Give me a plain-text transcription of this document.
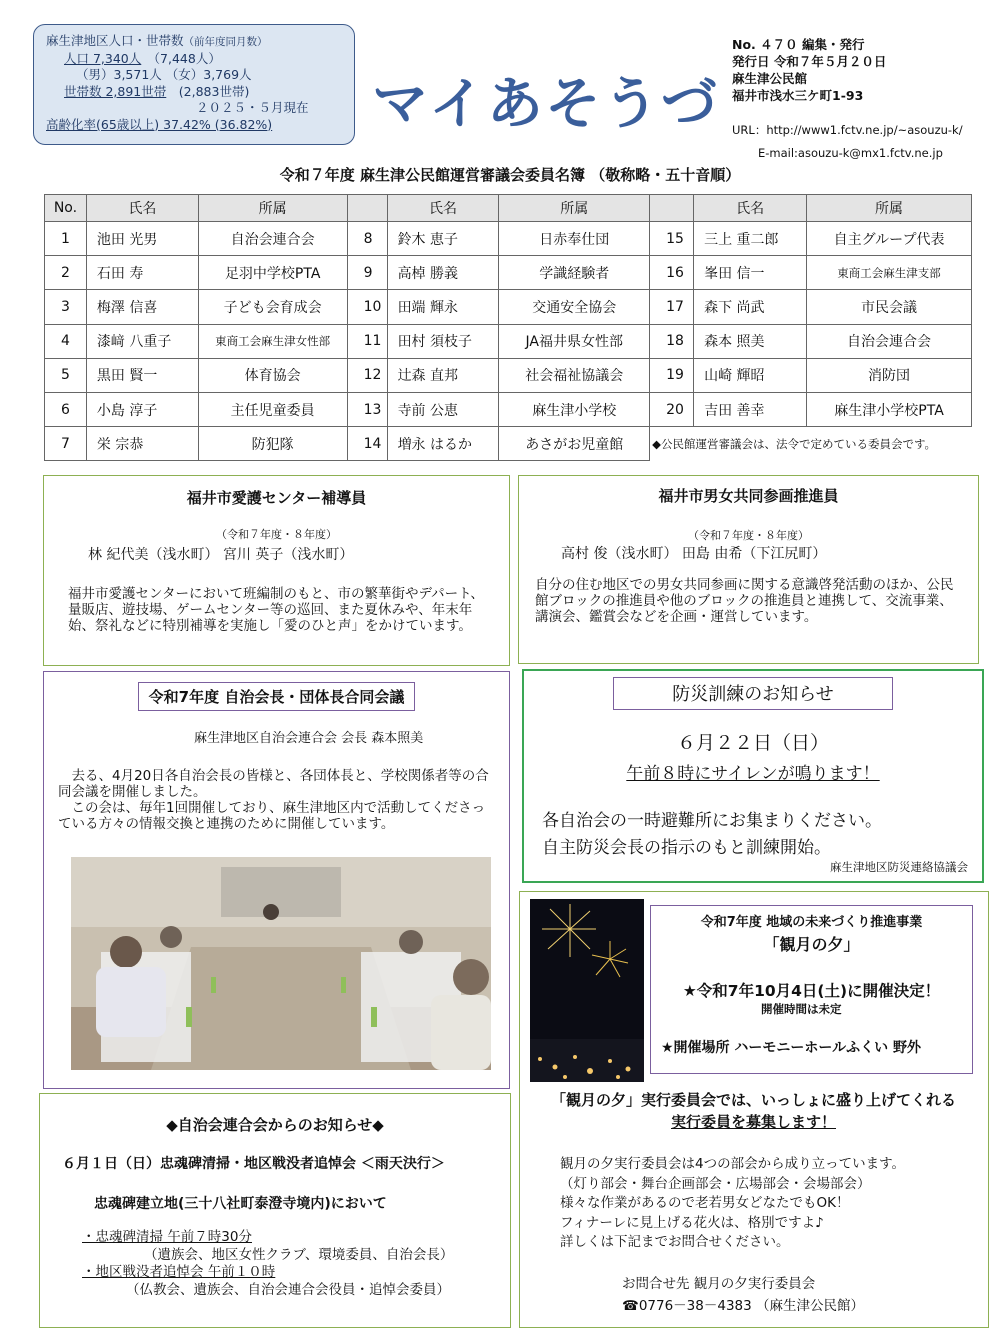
麻生津地区人口・世帯数（前年度同月数）
人口 7,340人　 （7,448人）
（男）3,571人 （女）3,769人
世帯数 2,891世帯　 (2,883世帯)
２０２５・５月現在
高齢化率(65歳以上) 37.42% (36.82%)	マイあそうづ
No. ４７０ 編集・発行
発行日 令和７年５月２０日
麻生津公民館
福井市浅水三ケ町1-93
URL：http://www1.fctv.ne.jp/~asouzu-k/
E-mail:asouzu-k@mx1.fctv.ne.jp
令和７年度 麻生津公民館運営審議会委員名簿 （敬称略・五十音順）
No.	氏名	所属		氏名	所属		氏名	所属
1	池田 光男	自治会連合会	8	鈴木 恵子	日赤奉仕団	15	三上 重二郎	自主グループ代表
2	石田 寿	足羽中学校PTA	9	高棹 勝義	学識経験者	16	峯田 信一	東商工会麻生津支部
3	梅澤 信喜	子ども会育成会	10	田端 輝永	交通安全協会	17	森下 尚武	市民会議
4	漆﨑 八重子	東商工会麻生津女性部	11	田村 須枝子	JA福井県女性部	18	森本 照美	自治会連合会
5	黒田 賢一	体育協会	12	辻森 直邦	社会福祉協議会	19	山崎 輝昭	消防団
6	小島 淳子	主任児童委員	13	寺前 公恵	麻生津小学校	20	吉田 善幸	麻生津小学校PTA
7	栄 宗恭	防犯隊	14	増永 はるか	あさがお児童館	◆公民館運営審議会は、法令で定めている委員会です。		
福井市愛護センター補導員
（令和７年度・８年度）
林 紀代美（浅水町） 宮川 英子（浅水町）
福井市愛護センターにおいて班編制のもと、市の繁華街やデパート、量販店、遊技場、ゲームセンター等の巡回、また夏休みや、年末年始、祭礼などに特別補導を実施し「愛のひと声」をかけています。
福井市男女共同参画推進員
（令和７年度・８年度）
高村 俊（浅水町） 田島 由希（下江尻町）
自分の住む地区での男女共同参画に関する意識啓発活動のほか、公民館ブロックの推進員や他のブロックの推進員と連携して、交流事業、講演会、鑑賞会などを企画・運営しています。
令和7年度 自治会長・団体長合同会議
麻生津地区自治会連合会 会長 森本照美
去る、4月20日各自治会長の皆様と、各団体長と、学校関係者等の合同会議を開催しました。
この会は、毎年1回開催しており、麻生津地区内で活動してくださっている方々の情報交換と連携のために開催しています。
防災訓練のお知らせ
６月２２日（日）
午前８時にサイレンが鳴ります！
各自治会の一時避難所にお集まりください。
自主防災会長の指示のもと訓練開始。
麻生津地区防災連絡協議会
令和7年度 地域の未来づくり推進事業
「観月の夕」
★令和7年10月4日(土)に開催決定！
開催時間は未定
★開催場所 ハーモニーホールふくい 野外
「観月の夕」実行委員会では、いっしょに盛り上げてくれる
実行委員を募集します！
観月の夕実行委員会は4つの部会から成り立っています。
（灯り部会・舞台企画部会・広場部会・会場部会）
様々な作業があるので老若男女どなたでもOK！
フィナーレに見上げる花火は、格別ですよ♪
詳しくは下記までお問合せください。
お問合せ先 観月の夕実行委員会
☎0776－38－4383 （麻生津公民館）
◆自治会連合会からのお知らせ◆
６月１日（日）忠魂碑清掃・地区戦没者追悼会 ＜雨天決行＞
忠魂碑建立地(三十八社町泰澄寺境内)において
・忠魂碑清掃 午前７時30分
（遺族会、地区女性クラブ、環境委員、自治会長）
・地区戦没者追悼会 午前１０時
（仏教会、遺族会、自治会連合会役員・追悼会委員）
